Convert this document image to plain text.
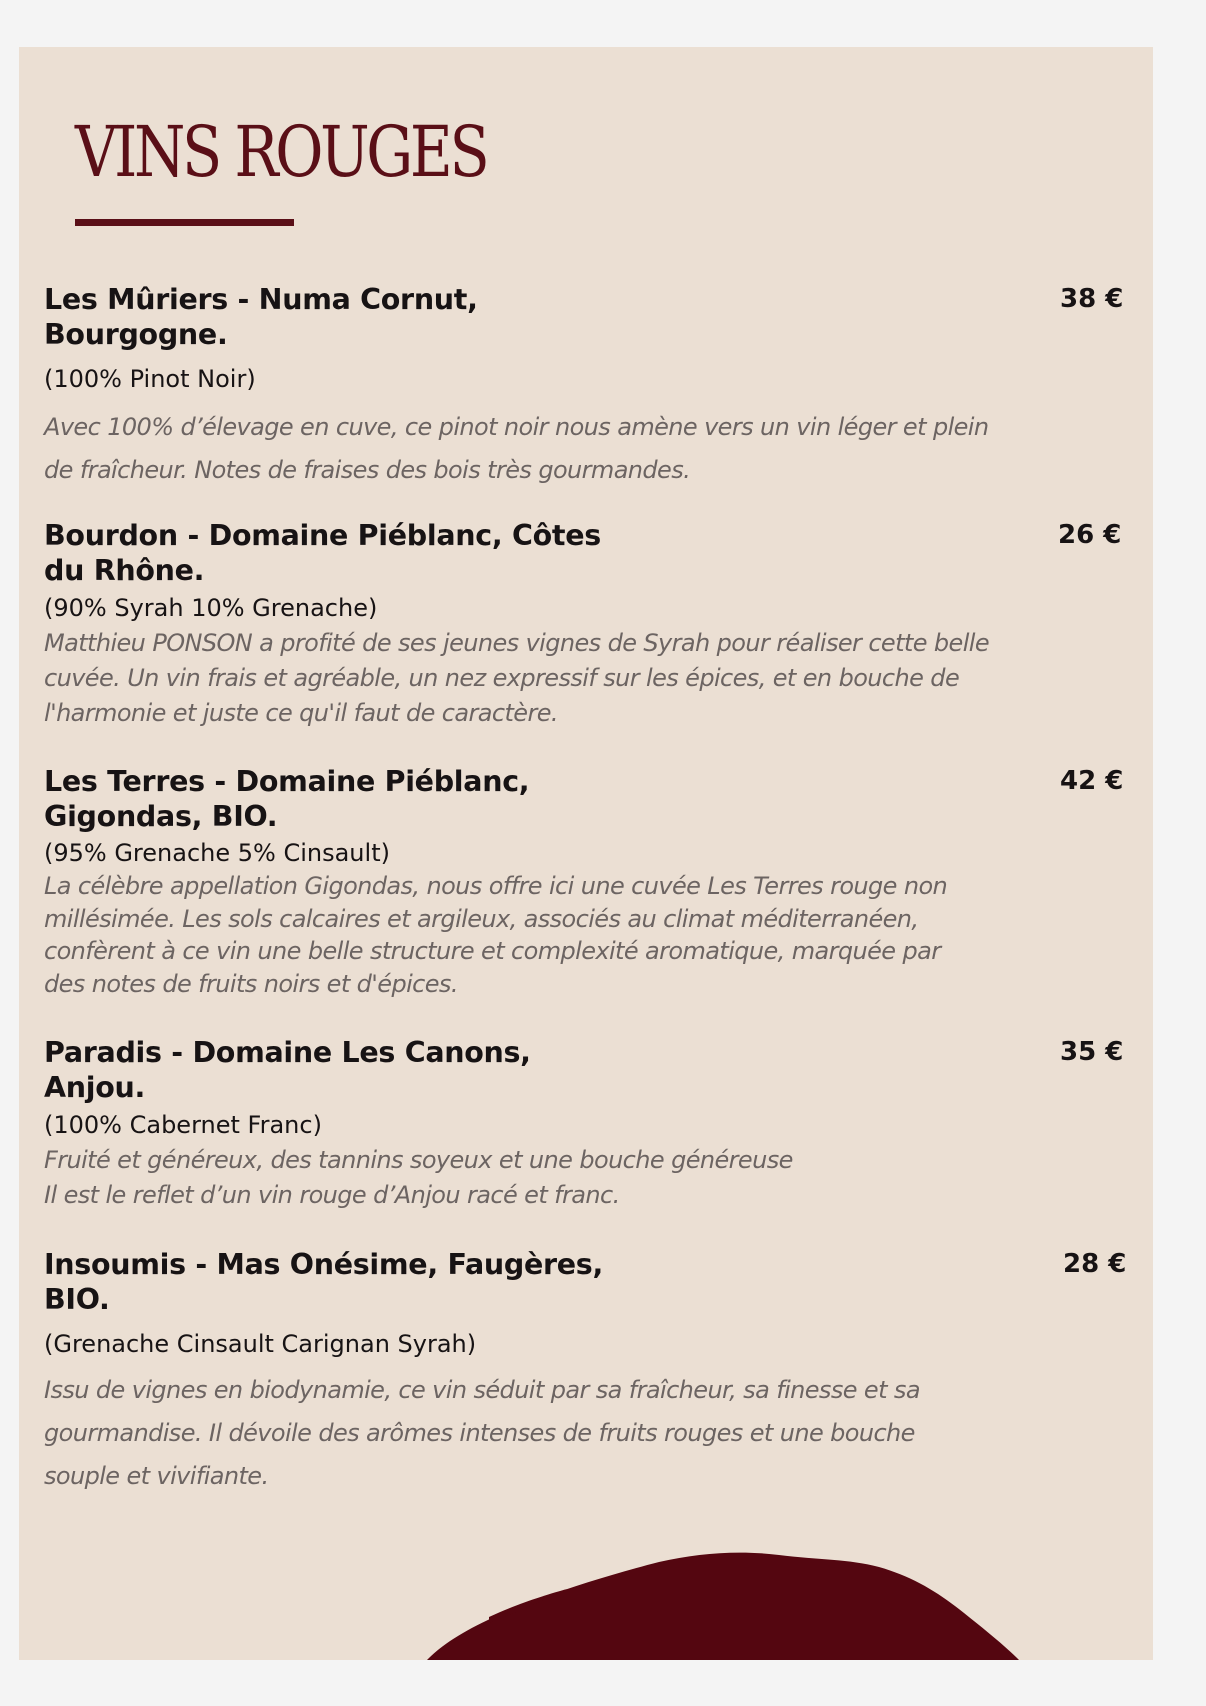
VINS ROUGES
Les Mûriers - Numa Cornut, Bourgogne.
38 €

(100% Pinot Noir)

Avec 100% d’élevage en cuve, ce pinot noir nous amène vers un vin léger et plein
de fraîcheur. Notes de fraises des bois très gourmandes.

Bourdon - Domaine Piéblanc, Côtes du Rhône.
26 €

(90% Syrah 10% Grenache)

Matthieu PONSON a profité de ses jeunes vignes de Syrah pour réaliser cette belle
cuvée. Un vin frais et agréable, un nez expressif sur les épices, et en bouche de
l'harmonie et juste ce qu'il faut de caractère.

Les Terres - Domaine Piéblanc, Gigondas, BIO.
42 €

(95% Grenache 5% Cinsault)

La célèbre appellation Gigondas, nous offre ici une cuvée Les Terres rouge non
millésimée. Les sols calcaires et argileux, associés au climat méditerranéen,
confèrent à ce vin une belle structure et complexité aromatique, marquée par
des notes de fruits noirs et d'épices.

Paradis - Domaine Les Canons, Anjou.
35 €

(100% Cabernet Franc)

Fruité et généreux, des tannins soyeux et une bouche généreuse
Il est le reflet d’un vin rouge d’Anjou racé et franc.

Insoumis - Mas Onésime, Faugères, BIO.
28 €

(Grenache Cinsault Carignan Syrah)

Issu de vignes en biodynamie, ce vin séduit par sa fraîcheur, sa finesse et sa
gourmandise. Il dévoile des arômes intenses de fruits rouges et une bouche
souple et vivifiante.
